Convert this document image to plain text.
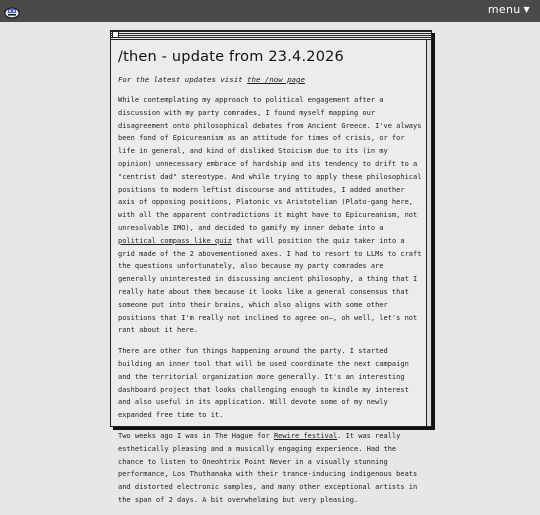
menu ▼
/then - update from 23.4.2026

For the latest updates visit the /now page

While contemplating my approach to political engagement after a discussion with my party comrades, I found myself mapping our disagreement onto philosophical debates from Ancient Greece. I've always been fond of Epicureanism as an attitude for times of crisis, or for life in general, and kind of disliked Stoicism due to its (in my opinion) unnecessary embrace of hardship and its tendency to drift to a "centrist dad" stereotype. And while trying to apply these philosophical positions to modern leftist discourse and attitudes, I added another axis of opposing positions, Platonic vs Aristotelian (Plato-gang here, with all the apparent contradictions it might have to Epicureanism, not unresolvable IMO), and decided to gamify my inner debate into a political compass like quiz that will position the quiz taker into a grid made of the 2 abovementioned axes. I had to resort to LLMs to craft the questions unfortunately, also because my party comrades are generally uninterested in discussing ancient philosophy, a thing that I really hate about them because it looks like a general consensus that someone put into their brains, which also aligns with some other positions that I'm really not inclined to agree on—, oh well, let's not rant about it here.

There are other fun things happening around the party. I started building an inner tool that will be used coordinate the next campaign and the territorial organization more generally. It's an interesting dashboard project that looks challenging enough to kindle my interest and also useful in its application. Will devote some of my newly expanded free time to it.

Two weeks ago I was in The Hague for Rewire festival. It was really esthetically pleasing and a musically engaging experience. Had the chance to listen to Oneohtrix Point Never in a visually stunning performance, Los Thuthanaka with their trance-inducing indigenous beats and distorted electronic samples, and many other exceptional artists in the span of 2 days. A bit overwhelming but very pleasing.
